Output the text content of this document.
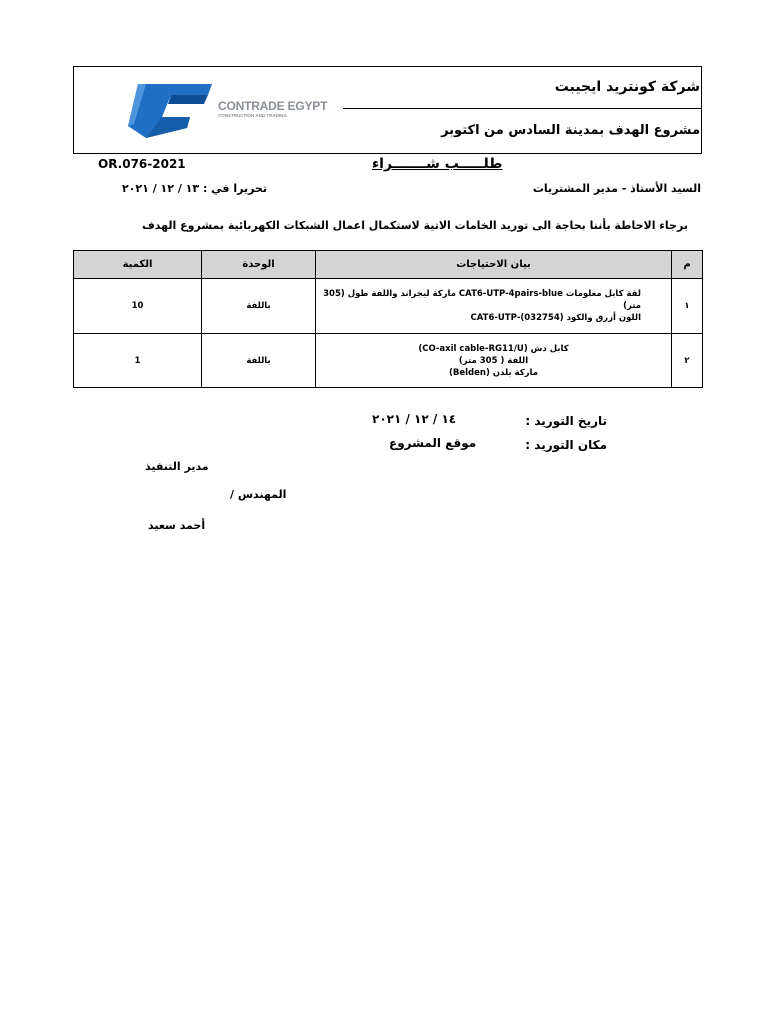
CONTRADE EGYPT
CONSTRUCTION AND TRADING
شركة كونتريد ايجيبت
مشروع الهدف بمدينة السادس من اكتوبر
OR.076-2021	طلـــــب شـــــــراء
تحريرا في : ١٣ / ١٢ / ٢٠٢١	السيد الأستاذ - مدير المشتريات
برجاء الاحاطة بأننا بحاجة الى توريد الخامات الاتية لاستكمال اعمال الشبكات الكهربائية بمشروع الهدف
م	بيان الاحتياجات	الوحدة	الكمية
١	لفة كابل معلومات CAT6-UTP-4pairs-blue ماركة ليجراند واللفة طول (305 متر)
اللون أزرق والكود (032754)-CAT6-UTP	باللفة	10
٢	كابل دش (CO-axil cable-RG11/U)
اللفة ( 305 متر)
ماركة بلدن (Belden)	باللفة	1
تاريخ التوريد :
١٤ / ١٢ / ٢٠٢١
مكان التوريد :
موقع المشروع
مدير التنفيذ
المهندس /
أحمد سعيد
